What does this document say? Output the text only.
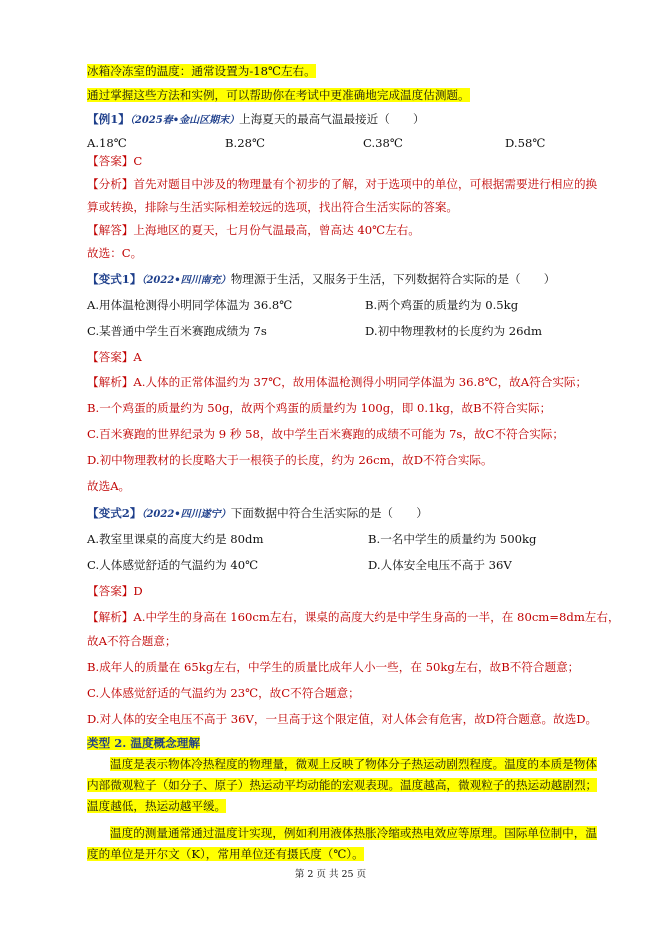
冰箱冷冻室的温度：通常设置为-18℃左右。
通过掌握这些方法和实例，可以帮助你在考试中更准确地完成温度估测题。
【例1】（2025春•金山区期末）上海夏天的最高气温最接近（　　）
A.18℃	B.28℃	C.38℃	D.58℃
【答案】C
【分析】首先对题目中涉及的物理量有个初步的了解，对于选项中的单位，可根据需要进行相应的换
算或转换，排除与生活实际相差较远的选项，找出符合生活实际的答案。
【解答】上海地区的夏天，七月份气温最高，曾高达 40℃左右。
故选：C。
【变式1】（2022•四川南充）物理源于生活，又服务于生活，下列数据符合实际的是（　　）
A.用体温枪测得小明同学体温为 36.8℃	B.两个鸡蛋的质量约为 0.5kg
C.某普通中学生百米赛跑成绩为 7s	D.初中物理教材的长度约为 26dm
【答案】A
【解析】A.人体的正常体温约为 37℃，故用体温枪测得小明同学体温为 36.8℃，故A符合实际；
B.一个鸡蛋的质量约为 50g，故两个鸡蛋的质量约为 100g，即 0.1kg，故B不符合实际；
C.百米赛跑的世界纪录为 9 秒 58，故中学生百米赛跑的成绩不可能为 7s，故C不符合实际；
D.初中物理教材的长度略大于一根筷子的长度，约为 26cm，故D不符合实际。
故选A。
【变式2】（2022•四川遂宁）下面数据中符合生活实际的是（　　）
A.教室里课桌的高度大约是 80dm	B.一名中学生的质量约为 500kg
C.人体感觉舒适的气温约为 40℃	D.人体安全电压不高于 36V
【答案】D
【解析】A.中学生的身高在 160cm左右，课桌的高度大约是中学生身高的一半，在 80cm=8dm左右，
故A不符合题意；
B.成年人的质量在 65kg左右，中学生的质量比成年人小一些，在 50kg左右，故B不符合题意；
C.人体感觉舒适的气温约为 23℃，故C不符合题意；
D.对人体的安全电压不高于 36V，一旦高于这个限定值，对人体会有危害，故D符合题意。故选D。
类型 2. 温度概念理解
温度是表示物体冷热程度的物理量，微观上反映了物体分子热运动剧烈程度。温度的本质是物体内部微观粒子（如分子、原子）热运动平均动能的宏观表现。温度越高，微观粒子的热运动越剧烈；温度越低，热运动越平缓。
温度的测量通常通过温度计实现，例如利用液体热胀冷缩或热电效应等原理。国际单位制中，温度的单位是开尔文（K），常用单位还有摄氏度（℃）。
第 2 页 共 25 页
